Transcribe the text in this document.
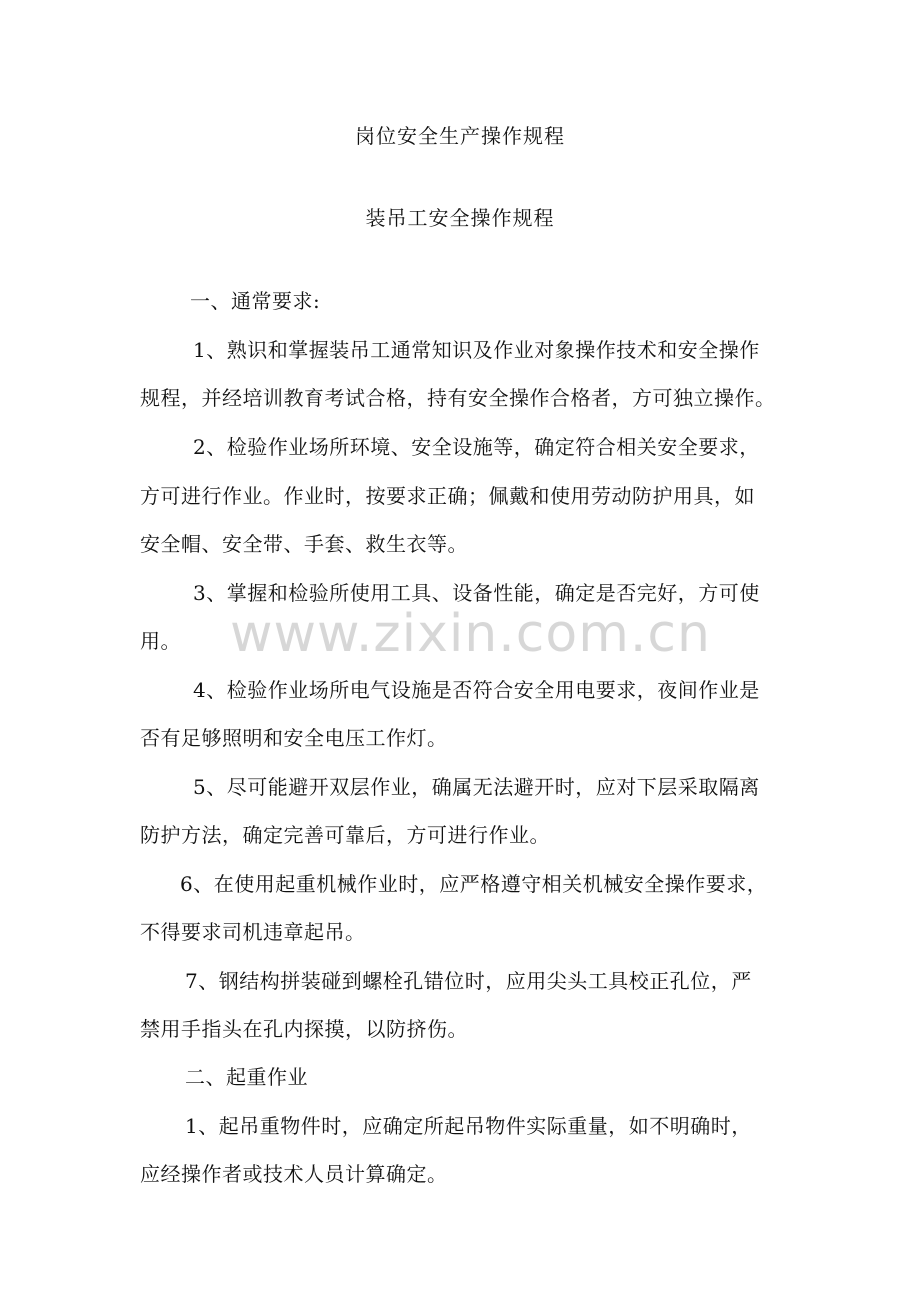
www.zixin.com.cn
岗位安全生产操作规程
装吊工安全操作规程
一、通常要求:
1、熟识和掌握装吊工通常知识及作业对象操作技术和安全操作
规程，并经培训教育考试合格，持有安全操作合格者，方可独立操作。
2、检验作业场所环境、安全设施等，确定符合相关安全要求，
方可进行作业。作业时，按要求正确；佩戴和使用劳动防护用具，如
安全帽、安全带、手套、救生衣等。
3、掌握和检验所使用工具、设备性能，确定是否完好，方可使
用。
4、检验作业场所电气设施是否符合安全用电要求，夜间作业是
否有足够照明和安全电压工作灯。
5、尽可能避开双层作业，确属无法避开时，应对下层采取隔离
防护方法，确定完善可靠后，方可进行作业。
6、在使用起重机械作业时，应严格遵守相关机械安全操作要求，
不得要求司机违章起吊。
7、钢结构拼装碰到螺栓孔错位时，应用尖头工具校正孔位，严
禁用手指头在孔内探摸，以防挤伤。
二、起重作业
1、起吊重物件时，应确定所起吊物件实际重量，如不明确时，
应经操作者或技术人员计算确定。
